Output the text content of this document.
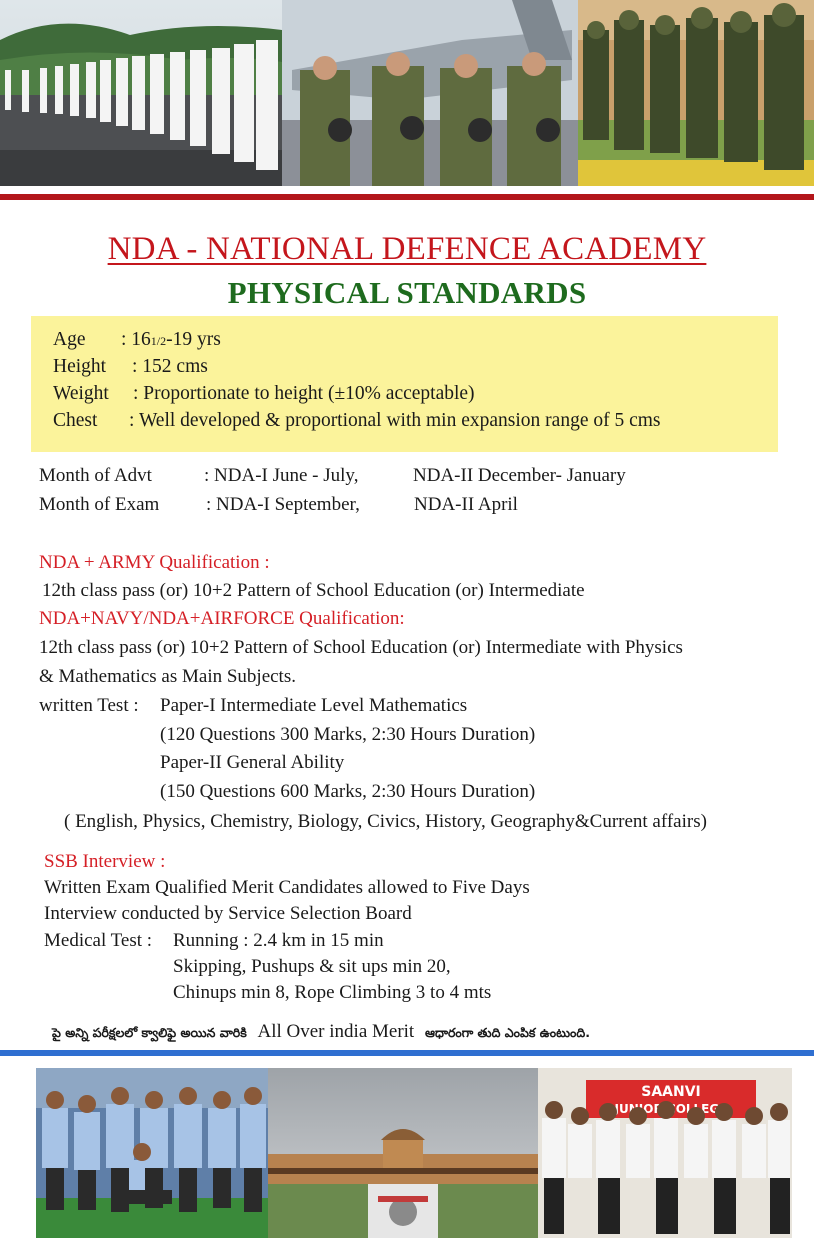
NDA - NATIONAL DEFENCE ACADEMY
PHYSICAL STANDARDS
Age : 161/2-19 yrs
Height : 152 cms
Weight : Proportionate to height (±10% acceptable)
Chest : Well developed & proportional with min expansion range of 5 cms
Month of Advt	: NDA-I June - July,	NDA-II December- January
Month of Exam : NDA-I September,	NDA-II April
NDA + ARMY Qualification :
12th class pass (or) 10+2 Pattern of School Education (or) Intermediate
NDA+NAVY/NDA+AIRFORCE Qualification:
12th class pass (or) 10+2 Pattern of School Education (or) Intermediate with Physics
& Mathematics as Main Subjects.
written Test : Paper-I Intermediate Level Mathematics
(120 Questions 300 Marks, 2:30 Hours Duration)
Paper-II General Ability
(150 Questions 600 Marks, 2:30 Hours Duration)
( English, Physics, Chemistry, Biology, Civics, History, Geography&Current affairs)
SSB Interview :
Written Exam Qualified Merit Candidates allowed to Five Days
Interview conducted by Service Selection Board
Medical Test : Running : 2.4 km in 15 min
Skipping, Pushups & sit ups min 20,
Chinups min 8, Rope Climbing 3 to 4 mts
పై అన్ని పరీక్షలలో క్వాలిఫై అయిన వారికి All Over india Merit ఆధారంగా తుది ఎంపిక ఉంటుంది.
SAANVI
